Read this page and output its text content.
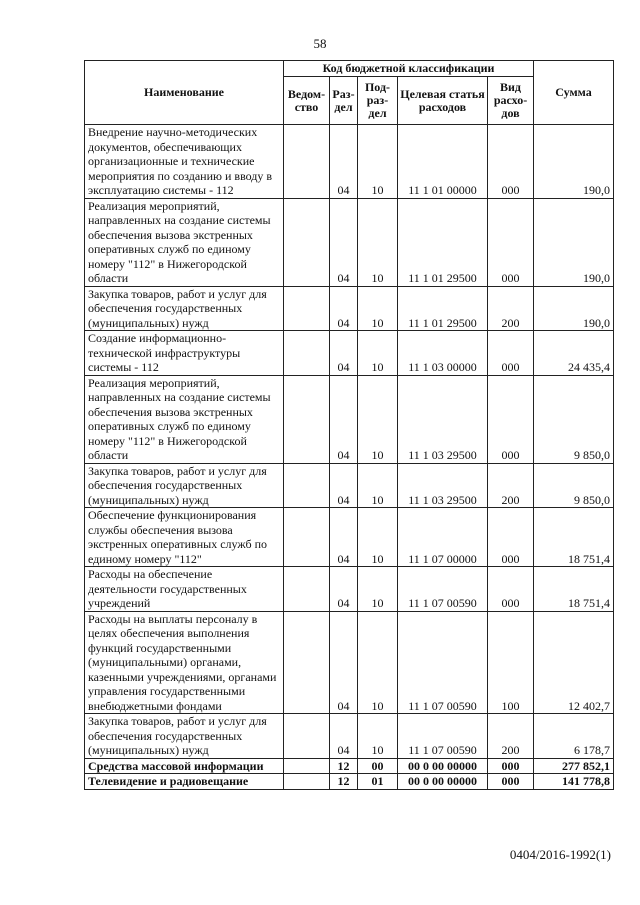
58
Наименование	Код бюджетной классификации					Сумма
	Ведом-ство	Раз-дел	Под-раз-дел	Целевая статья расходов	Вид расхо-дов	
Внедрение научно-методических документов, обеспечивающих организационные и технические мероприятия по созданию и вводу в эксплуатацию системы - 112		04	10	11 1 01 00000	000	190,0
Реализация мероприятий, направленных на создание системы обеспечения вызова экстренных оперативных служб по единому номеру "112" в Нижегородской области		04	10	11 1 01 29500	000	190,0
Закупка товаров, работ и услуг для обеспечения государственных (муниципальных) нужд		04	10	11 1 01 29500	200	190,0
Создание информационно-технической инфраструктуры системы - 112		04	10	11 1 03 00000	000	24 435,4
Реализация мероприятий, направленных на создание системы обеспечения вызова экстренных оперативных служб по единому номеру "112" в Нижегородской области		04	10	11 1 03 29500	000	9 850,0
Закупка товаров, работ и услуг для обеспечения государственных (муниципальных) нужд		04	10	11 1 03 29500	200	9 850,0
Обеспечение функционирования службы обеспечения вызова экстренных оперативных служб по единому номеру "112"		04	10	11 1 07 00000	000	18 751,4
Расходы на обеспечение деятельности государственных учреждений		04	10	11 1 07 00590	000	18 751,4
Расходы на выплаты персоналу в целях обеспечения выполнения функций государственными (муниципальными) органами, казенными учреждениями, органами управления государственными внебюджетными фондами		04	10	11 1 07 00590	100	12 402,7
Закупка товаров, работ и услуг для обеспечения государственных (муниципальных) нужд		04	10	11 1 07 00590	200	6 178,7
Средства массовой информации		12	00	00 0 00 00000	000	277 852,1
Телевидение и радиовещание		12	01	00 0 00 00000	000	141 778,8
0404/2016-1992(1)
